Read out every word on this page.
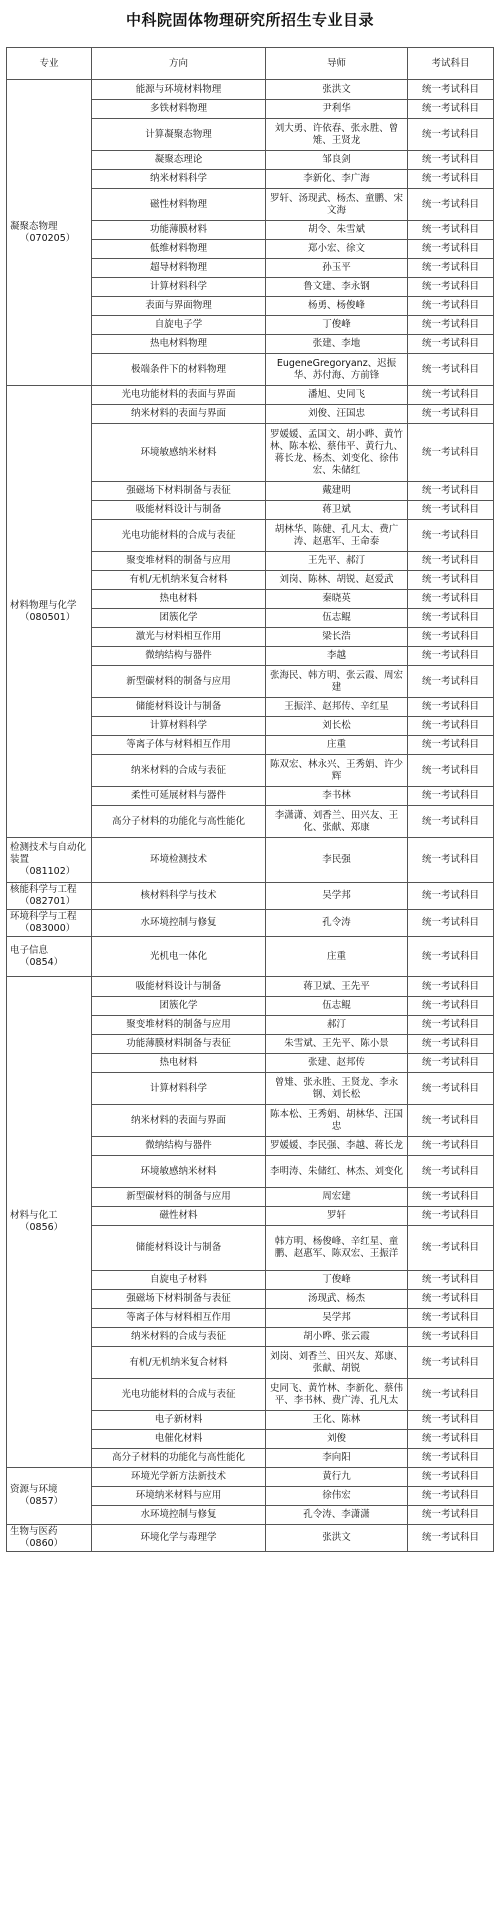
中科院固体物理研究所招生专业目录
专业	方向	导师	考试科目

凝聚态物理
（070205）	能源与环境材料物理	张洪文	统一考试科目
	多铁材料物理	尹利华	统一考试科目
	计算凝聚态物理	刘大勇、许依春、张永胜、曾雉、王贤龙	统一考试科目
	凝聚态理论	邹良剑	统一考试科目
	纳米材料科学	李新化、李广海	统一考试科目
	磁性材料物理	罗轩、汤现武、杨杰、童鹏、宋文海	统一考试科目
	功能薄膜材料	胡令、朱雪斌	统一考试科目
	低维材料物理	郑小宏、徐文	统一考试科目
	超导材料物理	孙玉平	统一考试科目
	计算材料科学	鲁文建、李永钢	统一考试科目
	表面与界面物理	杨勇、杨俊峰	统一考试科目
	自旋电子学	丁俊峰	统一考试科目
	热电材料物理	张建、李地	统一考试科目
	极端条件下的材料物理	EugeneGregoryanz、迟振华、苏付海、方前锋	统一考试科目

材料物理与化学
（080501）	光电功能材料的表面与界面	潘旭、史同飞	统一考试科目
	纳米材料的表面与界面	刘俊、汪国忠	统一考试科目
	环境敏感纳米材料	罗媛媛、孟国文、胡小晔、黄竹林、陈本松、蔡伟平、黄行九、蒋长龙、杨杰、刘变化、徐伟宏、朱储红	统一考试科目
	强磁场下材料制备与表征	戴建明	统一考试科目
	吸能材料设计与制备	蒋卫斌	统一考试科目
	光电功能材料的合成与表征	胡林华、陈健、孔凡太、费广涛、赵惠军、王命泰	统一考试科目
	聚变堆材料的制备与应用	王先平、郝汀	统一考试科目
	有机/无机纳米复合材料	刘岗、陈林、胡锐、赵爱武	统一考试科目
	热电材料	秦晓英	统一考试科目
	团簇化学	伍志鲲	统一考试科目
	激光与材料相互作用	梁长浩	统一考试科目
	微纳结构与器件	李越	统一考试科目
	新型碳材料的制备与应用	张海民、韩方明、张云霞、周宏建	统一考试科目
	储能材料设计与制备	王振洋、赵邦传、辛红星	统一考试科目
	计算材料科学	刘长松	统一考试科目
	等离子体与材料相互作用	庄重	统一考试科目
	纳米材料的合成与表征	陈双宏、林永兴、王秀娟、许少辉	统一考试科目
	柔性可延展材料与器件	李书林	统一考试科目
	高分子材料的功能化与高性能化	李潇潇、刘香兰、田兴友、王化、张献、郑康	统一考试科目

检测技术与自动化装置
（081102）	环境检测技术	李民强	统一考试科目

核能科学与工程
（082701）	核材料科学与技术	吴学邦	统一考试科目

环境科学与工程
（083000）	水环境控制与修复	孔令涛	统一考试科目

电子信息
（0854）	光机电一体化	庄重	统一考试科目

材料与化工
（0856）	吸能材料设计与制备	蒋卫斌、王先平	统一考试科目
	团簇化学	伍志鲲	统一考试科目
	聚变堆材料的制备与应用	郝汀	统一考试科目
	功能薄膜材料制备与表征	朱雪斌、王先平、陈小景	统一考试科目
	热电材料	张建、赵邦传	统一考试科目
	计算材料科学	曾雉、张永胜、王贤龙、李永钢、刘长松	统一考试科目
	纳米材料的表面与界面	陈本松、王秀娟、胡林华、汪国忠	统一考试科目
	微纳结构与器件	罗媛媛、李民强、李越、蒋长龙	统一考试科目
	环境敏感纳米材料	李明涛、朱储红、林杰、刘变化	统一考试科目
	新型碳材料的制备与应用	周宏建	统一考试科目
	磁性材料	罗轩	统一考试科目
	储能材料设计与制备	韩方明、杨俊峰、辛红星、童鹏、赵惠军、陈双宏、王振洋	统一考试科目
	自旋电子材料	丁俊峰	统一考试科目
	强磁场下材料制备与表征	汤现武、杨杰	统一考试科目
	等离子体与材料相互作用	吴学邦	统一考试科目
	纳米材料的合成与表征	胡小晔、张云霞	统一考试科目
	有机/无机纳米复合材料	刘岗、刘香兰、田兴友、郑康、张献、胡锐	统一考试科目
	光电功能材料的合成与表征	史同飞、黄竹林、李新化、蔡伟平、李书林、费广涛、孔凡太	统一考试科目
	电子新材料	王化、陈林	统一考试科目
	电催化材料	刘俊	统一考试科目
	高分子材料的功能化与高性能化	李向阳	统一考试科目

资源与环境
（0857）	环境光学新方法新技术	黄行九	统一考试科目
	环境纳米材料与应用	徐伟宏	统一考试科目
	水环境控制与修复	孔令涛、李潇潇	统一考试科目

生物与医药
（0860）	环境化学与毒理学	张洪文	统一考试科目
